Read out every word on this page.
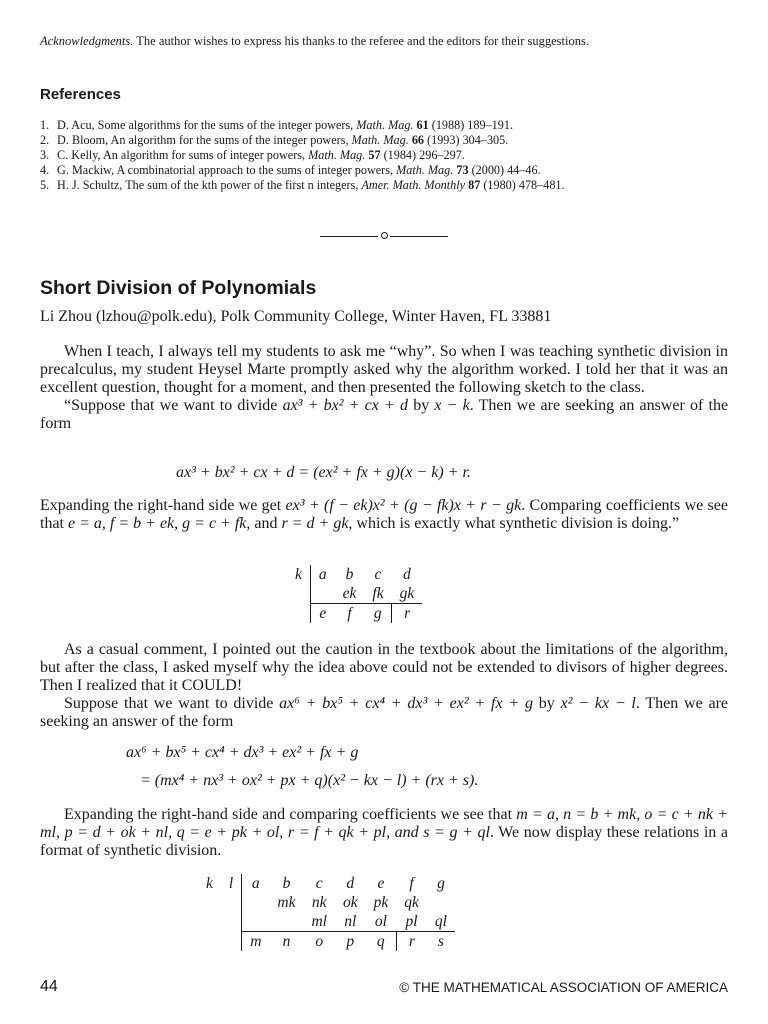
Acknowledgments. The author wishes to express his thanks to the referee and the editors for their suggestions.
References
1. D. Acu, Some algorithms for the sums of the integer powers, Math. Mag. 61 (1988) 189–191.
2. D. Bloom, An algorithm for the sums of the integer powers, Math. Mag. 66 (1993) 304–305.
3. C. Kelly, An algorithm for sums of integer powers, Math. Mag. 57 (1984) 296–297.
4. G. Mackiw, A combinatorial approach to the sums of integer powers, Math. Mag. 73 (2000) 44–46.
5. H. J. Schultz, The sum of the kth power of the first n integers, Amer. Math. Monthly 87 (1980) 478–481.
Short Division of Polynomials
Li Zhou (lzhou@polk.edu), Polk Community College, Winter Haven, FL 33881
When I teach, I always tell my students to ask me “why”. So when I was teaching synthetic division in precalculus, my student Heysel Marte promptly asked why the algorithm worked. I told her that it was an excellent question, thought for a moment, and then presented the following sketch to the class.
“Suppose that we want to divide ax³ + bx² + cx + d by x − k. Then we are seeking an answer of the form
ax³ + bx² + cx + d = (ex² + fx + g)(x − k) + r.
Expanding the right-hand side we get ex³ + (f − ek)x² + (g − fk)x + r − gk. Comparing coefficients we see that e = a, f = b + ek, g = c + fk, and r = d + gk, which is exactly what synthetic division is doing.”
k	a	b	c	d
		ek	fk	gk
	e	f	g	r
As a casual comment, I pointed out the caution in the textbook about the limitations of the algorithm, but after the class, I asked myself why the idea above could not be extended to divisors of higher degrees. Then I realized that it COULD!
Suppose that we want to divide ax⁶ + bx⁵ + cx⁴ + dx³ + ex² + fx + g by x² − kx − l. Then we are seeking an answer of the form
ax⁶ + bx⁵ + cx⁴ + dx³ + ex² + fx + g
= (mx⁴ + nx³ + ox² + px + q)(x² − kx − l) + (rx + s).
Expanding the right-hand side and comparing coefficients we see that m = a, n = b + mk, o = c + nk + ml, p = d + ok + nl, q = e + pk + ol, r = f + qk + pl, and s = g + ql. We now display these relations in a format of synthetic division.
k	l	a	b	c	d	e	f	g
			mk	nk	ok	pk	qk	
				ml	nl	ol	pl	ql
		m	n	o	p	q	r	s
44	© THE MATHEMATICAL ASSOCIATION OF AMERICA
